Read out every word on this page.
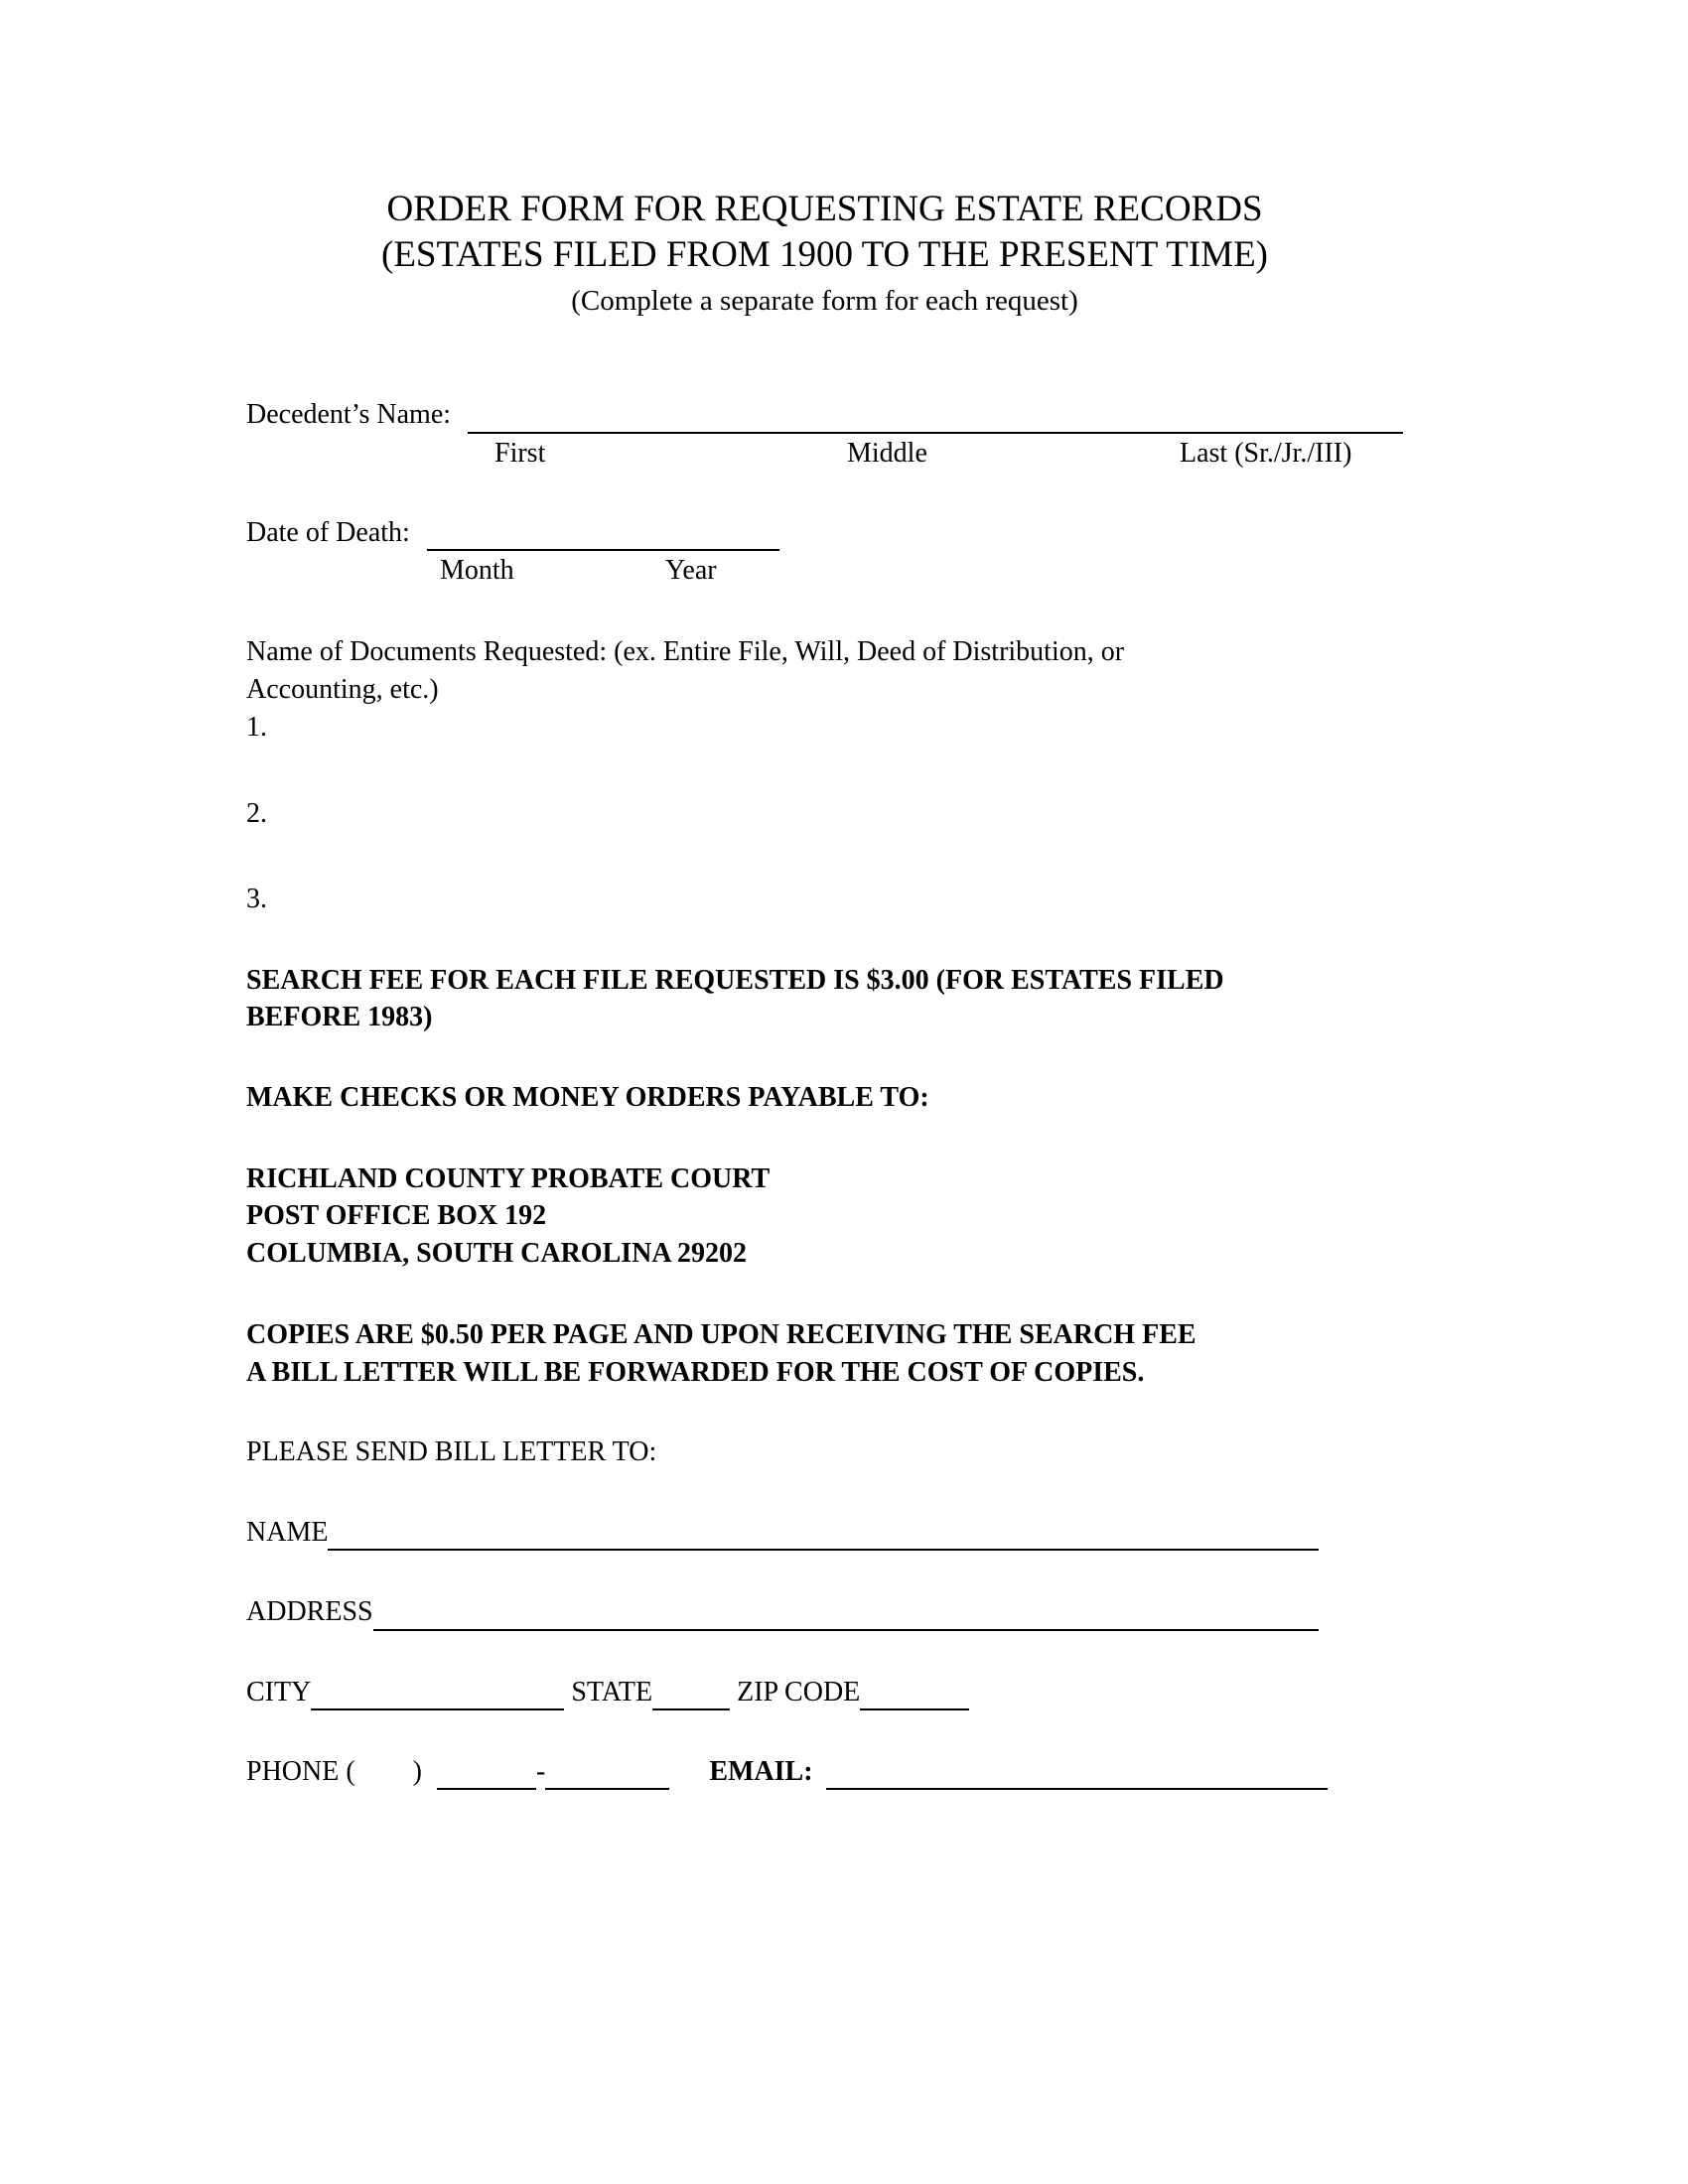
ORDER FORM FOR REQUESTING ESTATE RECORDS
(ESTATES FILED FROM 1900 TO THE PRESENT TIME)
(Complete a separate form for each request)
Decedent’s Name:
First	Middle	Last (Sr./Jr./III)
Date of Death:
Month	Year
Name of Documents Requested: (ex. Entire File, Will, Deed of Distribution, or
Accounting, etc.)
1.
2.
3.
SEARCH FEE FOR EACH FILE REQUESTED IS $3.00 (FOR ESTATES FILED
BEFORE 1983)
MAKE CHECKS OR MONEY ORDERS PAYABLE TO:
RICHLAND COUNTY PROBATE COURT
POST OFFICE BOX 192
COLUMBIA, SOUTH CAROLINA 29202
COPIES ARE $0.50 PER PAGE AND UPON RECEIVING THE SEARCH FEE
A BILL LETTER WILL BE FORWARDED FOR THE COST OF COPIES.
PLEASE SEND BILL LETTER TO:
NAME
ADDRESS
CITY	STATE	ZIP CODE
PHONE ( )	-	EMAIL:
